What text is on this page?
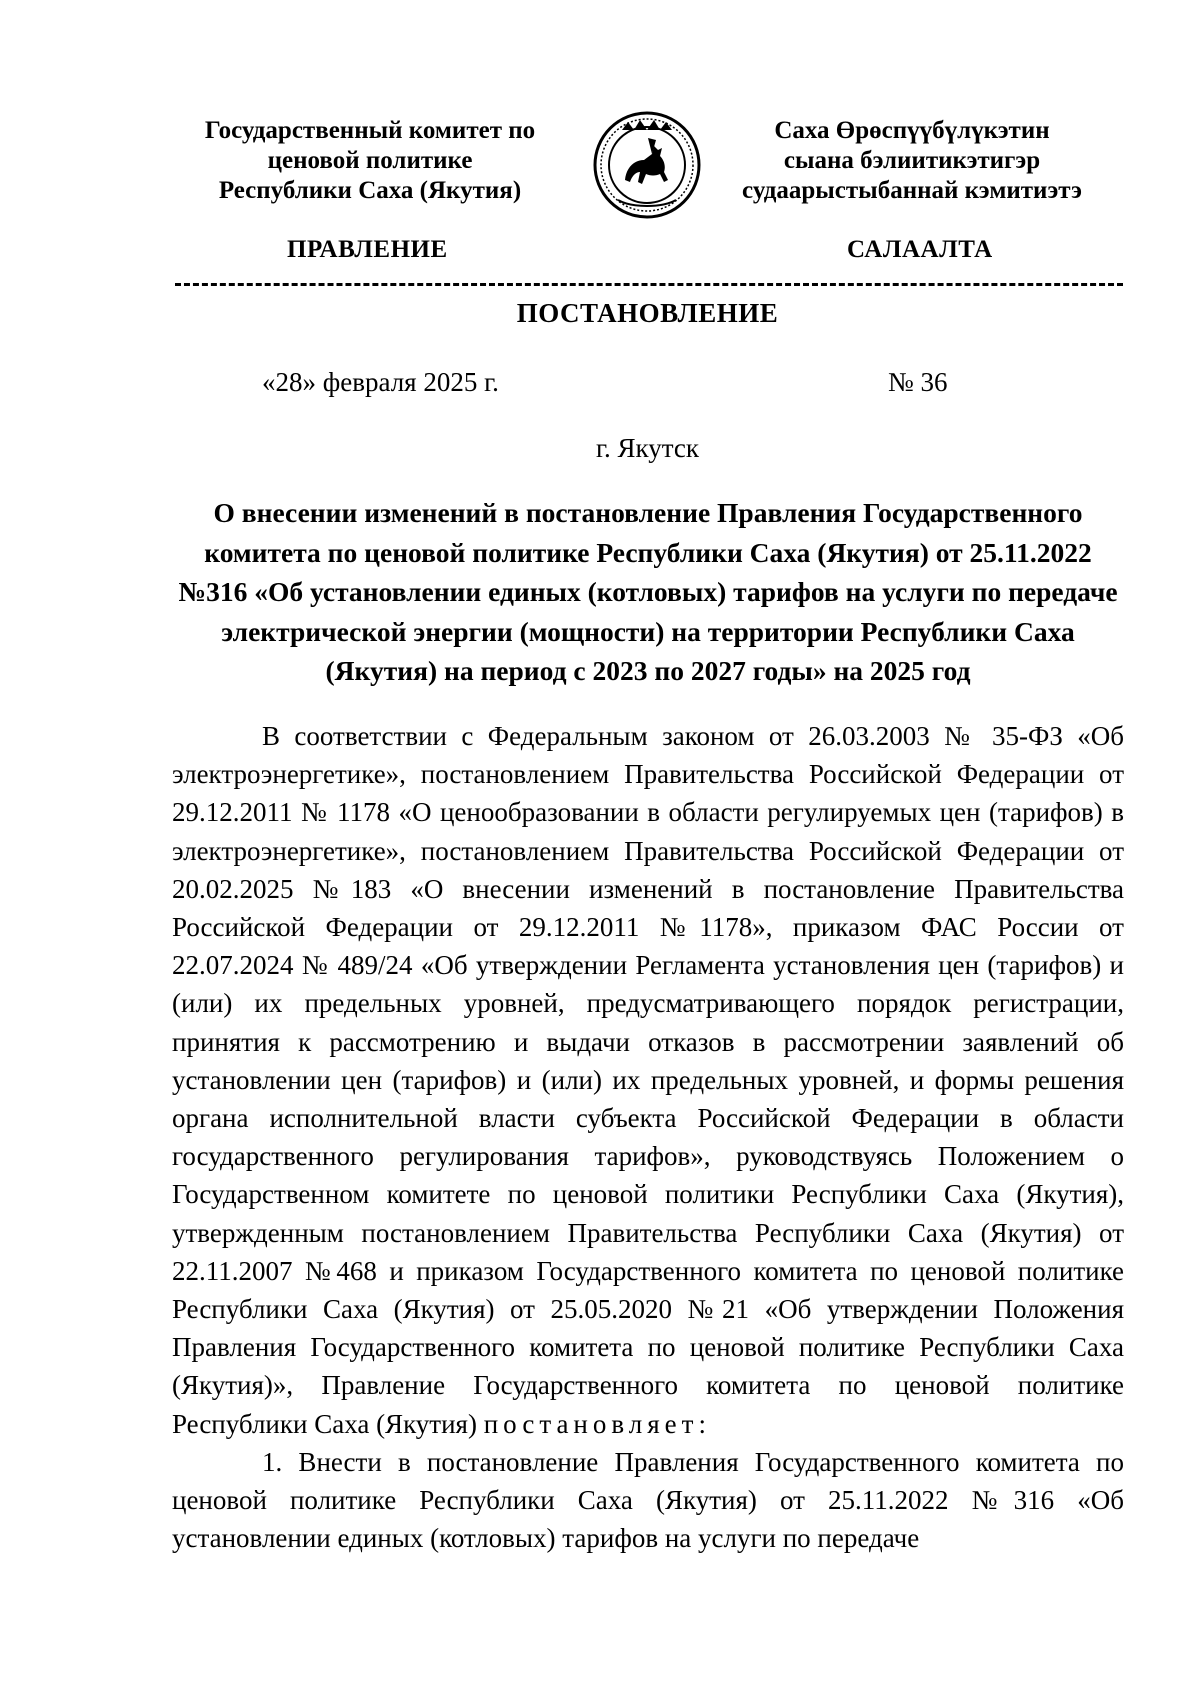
Государственный комитет по
ценовой политике
Республики Саха (Якутия)
Саха Өрөспүүбүлүкэтин
сыана бэлиитикэтигэр
судаарыстыбаннай кэмитиэтэ
ПРАВЛЕНИЕ	САЛААЛТА
ПОСТАНОВЛЕНИЕ
«28» февраля 2025 г.	№ 36
г. Якутск
О внесении изменений в постановление Правления Государственного комитета по ценовой политике Республики Саха (Якутия) от 25.11.2022 №316 «Об установлении единых (котловых) тарифов на услуги по передаче электрической энергии (мощности) на территории Республики Саха (Якутия) на период с 2023 по 2027 годы» на 2025 год

В соответствии с Федеральным законом от 26.03.2003 № 35-ФЗ «Об электроэнергетике», постановлением Правительства Российской Федерации от 29.12.2011 № 1178 «О ценообразовании в области регулируемых цен (тарифов) в электроэнергетике», постановлением Правительства Российской Федерации от 20.02.2025 №183 «О внесении изменений в постановление Правительства Российской Федерации от 29.12.2011 №1178», приказом ФАС России от 22.07.2024 № 489/24 «Об утверждении Регламента установления цен (тарифов) и (или) их предельных уровней, предусматривающего порядок регистрации, принятия к рассмотрению и выдачи отказов в рассмотрении заявлений об установлении цен (тарифов) и (или) их предельных уровней, и формы решения органа исполнительной власти субъекта Российской Федерации в области государственного регулирования тарифов», руководствуясь Положением о Государственном комитете по ценовой политики Республики Саха (Якутия), утвержденным постановлением Правительства Республики Саха (Якутия) от 22.11.2007 №468 и приказом Государственного комитета по ценовой политике Республики Саха (Якутия) от 25.05.2020 №21 «Об утверждении Положения Правления Государственного комитета по ценовой политике Республики Саха (Якутия)», Правление Государственного комитета по ценовой политике Республики Саха (Якутия) постановляет:

1. Внести в постановление Правления Государственного комитета по ценовой политике Республики Саха (Якутия) от 25.11.2022 №316 «Об установлении единых (котловых) тарифов на услуги по передаче
